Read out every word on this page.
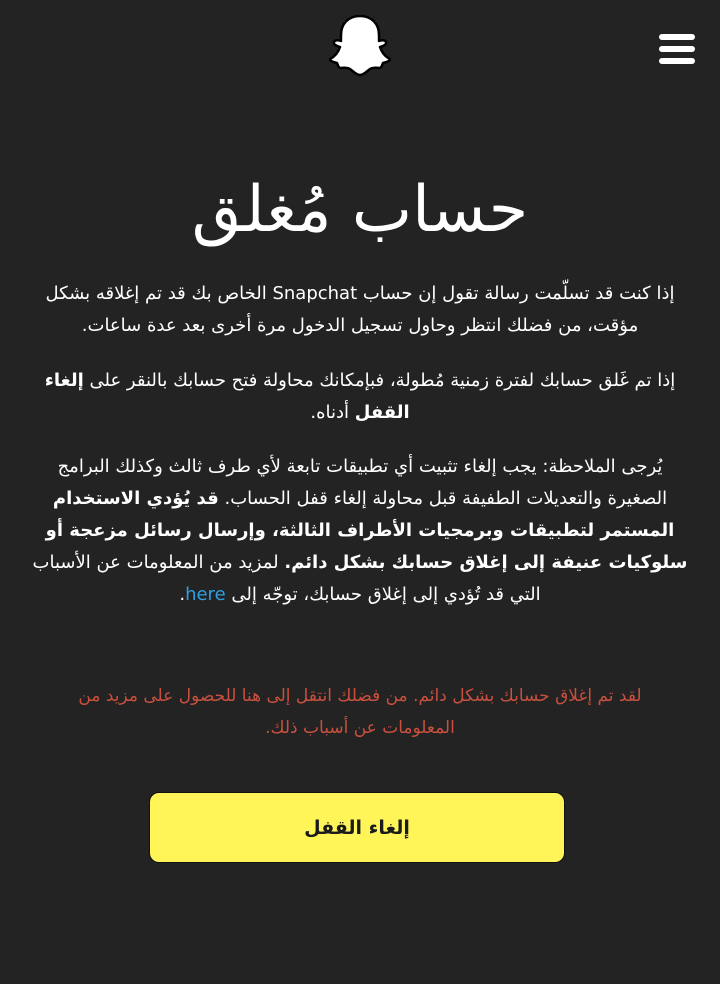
حساب مُغلق
إذا كنت قد تسلّمت رسالة تقول إن حساب Snapchat الخاص بك قد تم إغلاقه بشكل مؤقت، من فضلك انتظر وحاول تسجيل الدخول مرة أخرى بعد عدة ساعات.
إذا تم غَلق حسابك لفترة زمنية مُطولة، فبإمكانك محاولة فتح حسابك بالنقر على إلغاء القفل أدناه.
يُرجى الملاحظة: يجب إلغاء تثبيت أي تطبيقات تابعة لأي طرف ثالث وكذلك البرامج الصغيرة والتعديلات الطفيفة قبل محاولة إلغاء قفل الحساب. قد يُؤدي الاستخدام المستمر لتطبيقات وبرمجيات الأطراف الثالثة، وإرسال رسائل مزعجة أو سلوكيات عنيفة إلى إغلاق حسابك بشكل دائم. لمزيد من المعلومات عن الأسباب التي قد تُؤدي إلى إغلاق حسابك، توجّه إلى here.
لقد تم إغلاق حسابك بشكل دائم. من فضلك انتقل إلى هنا للحصول على مزيد من المعلومات عن أسباب ذلك.
إلغاء القفل
